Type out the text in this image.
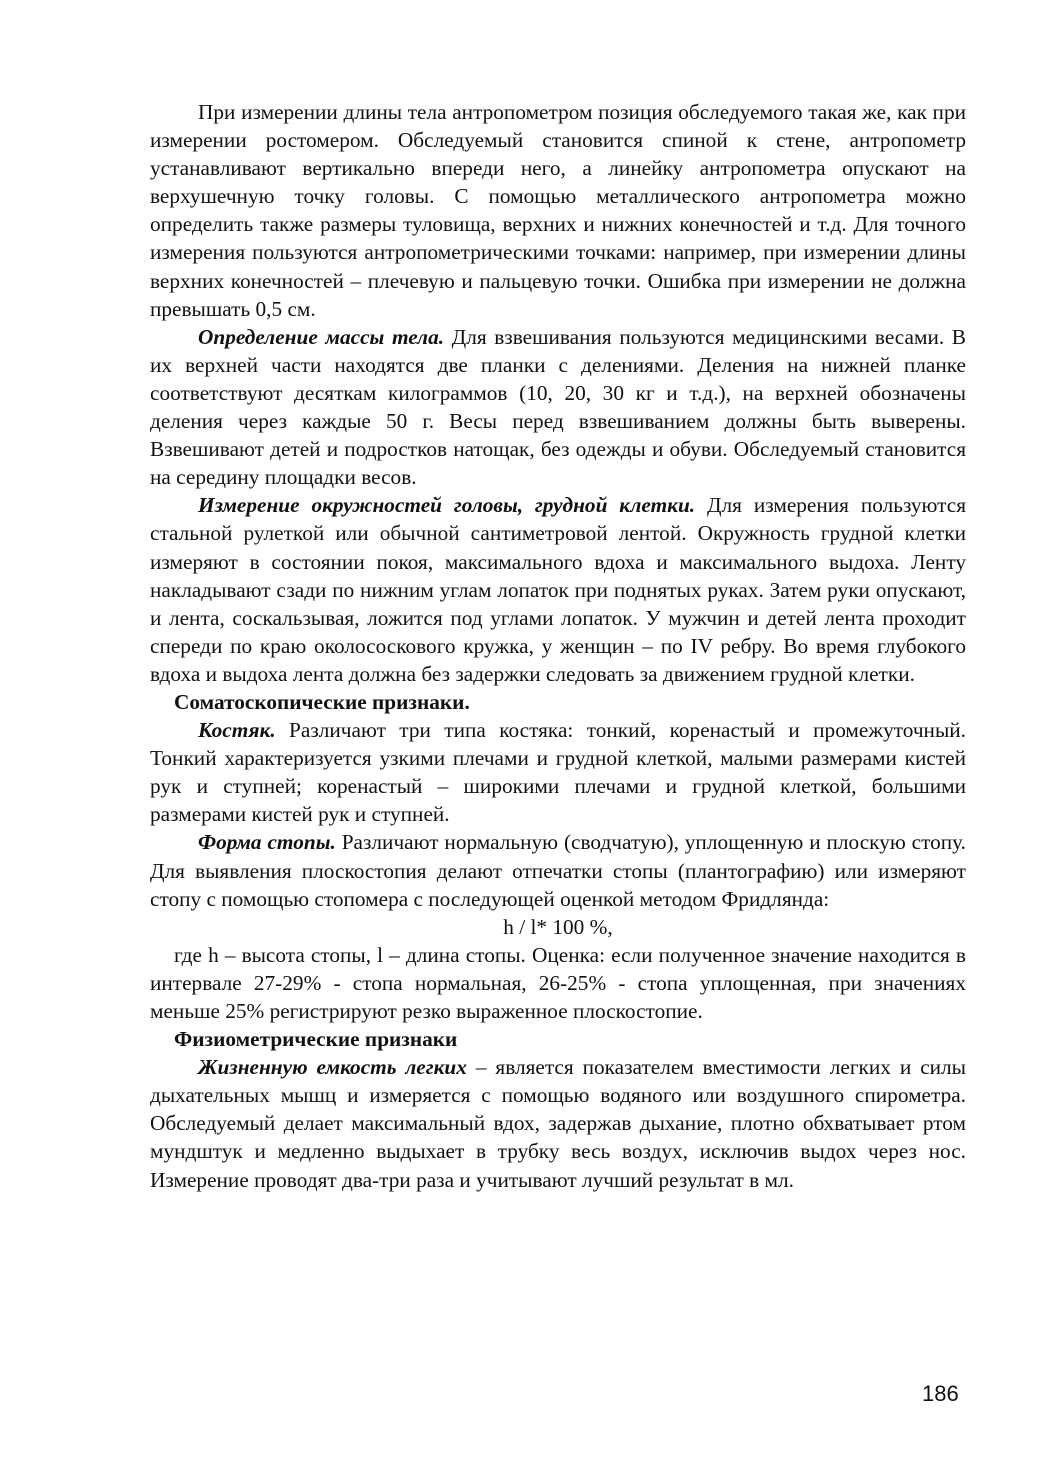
При измерении длины тела антропометром позиция обследуемого такая же, как при измерении ростомером. Обследуемый становится спиной к стене, антропометр устанавливают вертикально впереди него, а линейку антропометра опускают на верхушечную точку головы. С помощью металлического антропометра можно определить также размеры туловища, верхних и нижних конечностей и т.д. Для точного измерения пользуются антропометрическими точками: например, при измерении длины верхних конечностей – плечевую и пальцевую точки. Ошибка при измерении не должна превышать 0,5 см.

Определение массы тела. Для взвешивания пользуются медицинскими весами. В их верхней части находятся две планки с делениями. Деления на нижней планке соответствуют десяткам килограммов (10, 20, 30 кг и т.д.), на верхней обозначены деления через каждые 50 г. Весы перед взвешиванием должны быть выверены. Взвешивают детей и подростков натощак, без одежды и обуви. Обследуемый становится на середину площадки весов.

Измерение окружностей головы, грудной клетки. Для измерения пользуются стальной рулеткой или обычной сантиметровой лентой. Окружность грудной клетки измеряют в состоянии покоя, максимального вдоха и максимального выдоха. Ленту накладывают сзади по нижним углам лопаток при поднятых руках. Затем руки опускают, и лента, соскальзывая, ложится под углами лопаток. У мужчин и детей лента проходит спереди по краю околососкового кружка, у женщин – по IV ребру. Во время глубокого вдоха и выдоха лента должна без задержки следовать за движением грудной клетки.

Соматоскопические признаки.

Костяк. Различают три типа костяка: тонкий, коренастый и промежуточный. Тонкий характеризуется узкими плечами и грудной клеткой, малыми размерами кистей рук и ступней; коренастый – широкими плечами и грудной клеткой, большими размерами кистей рук и ступней.

Форма стопы. Различают нормальную (сводчатую), уплощенную и плоскую стопу. Для выявления плоскостопия делают отпечатки стопы (плантографию) или измеряют стопу с помощью стопомера с последующей оценкой методом Фридлянда:

h / l* 100 %,

где h – высота стопы, l – длина стопы. Оценка: если полученное значение находится в интервале 27-29% - стопа нормальная, 26-25% - стопа уплощенная, при значениях меньше 25% регистрируют резко выраженное плоскостопие.

Физиометрические признаки

Жизненную емкость легких – является показателем вместимости легких и силы дыхательных мышц и измеряется с помощью водяного или воздушного спирометра. Обследуемый делает максимальный вдох, задержав дыхание, плотно обхватывает ртом мундштук и медленно выдыхает в трубку весь воздух, исключив выдох через нос. Измерение проводят два-три раза и учитывают лучший результат в мл.

186
